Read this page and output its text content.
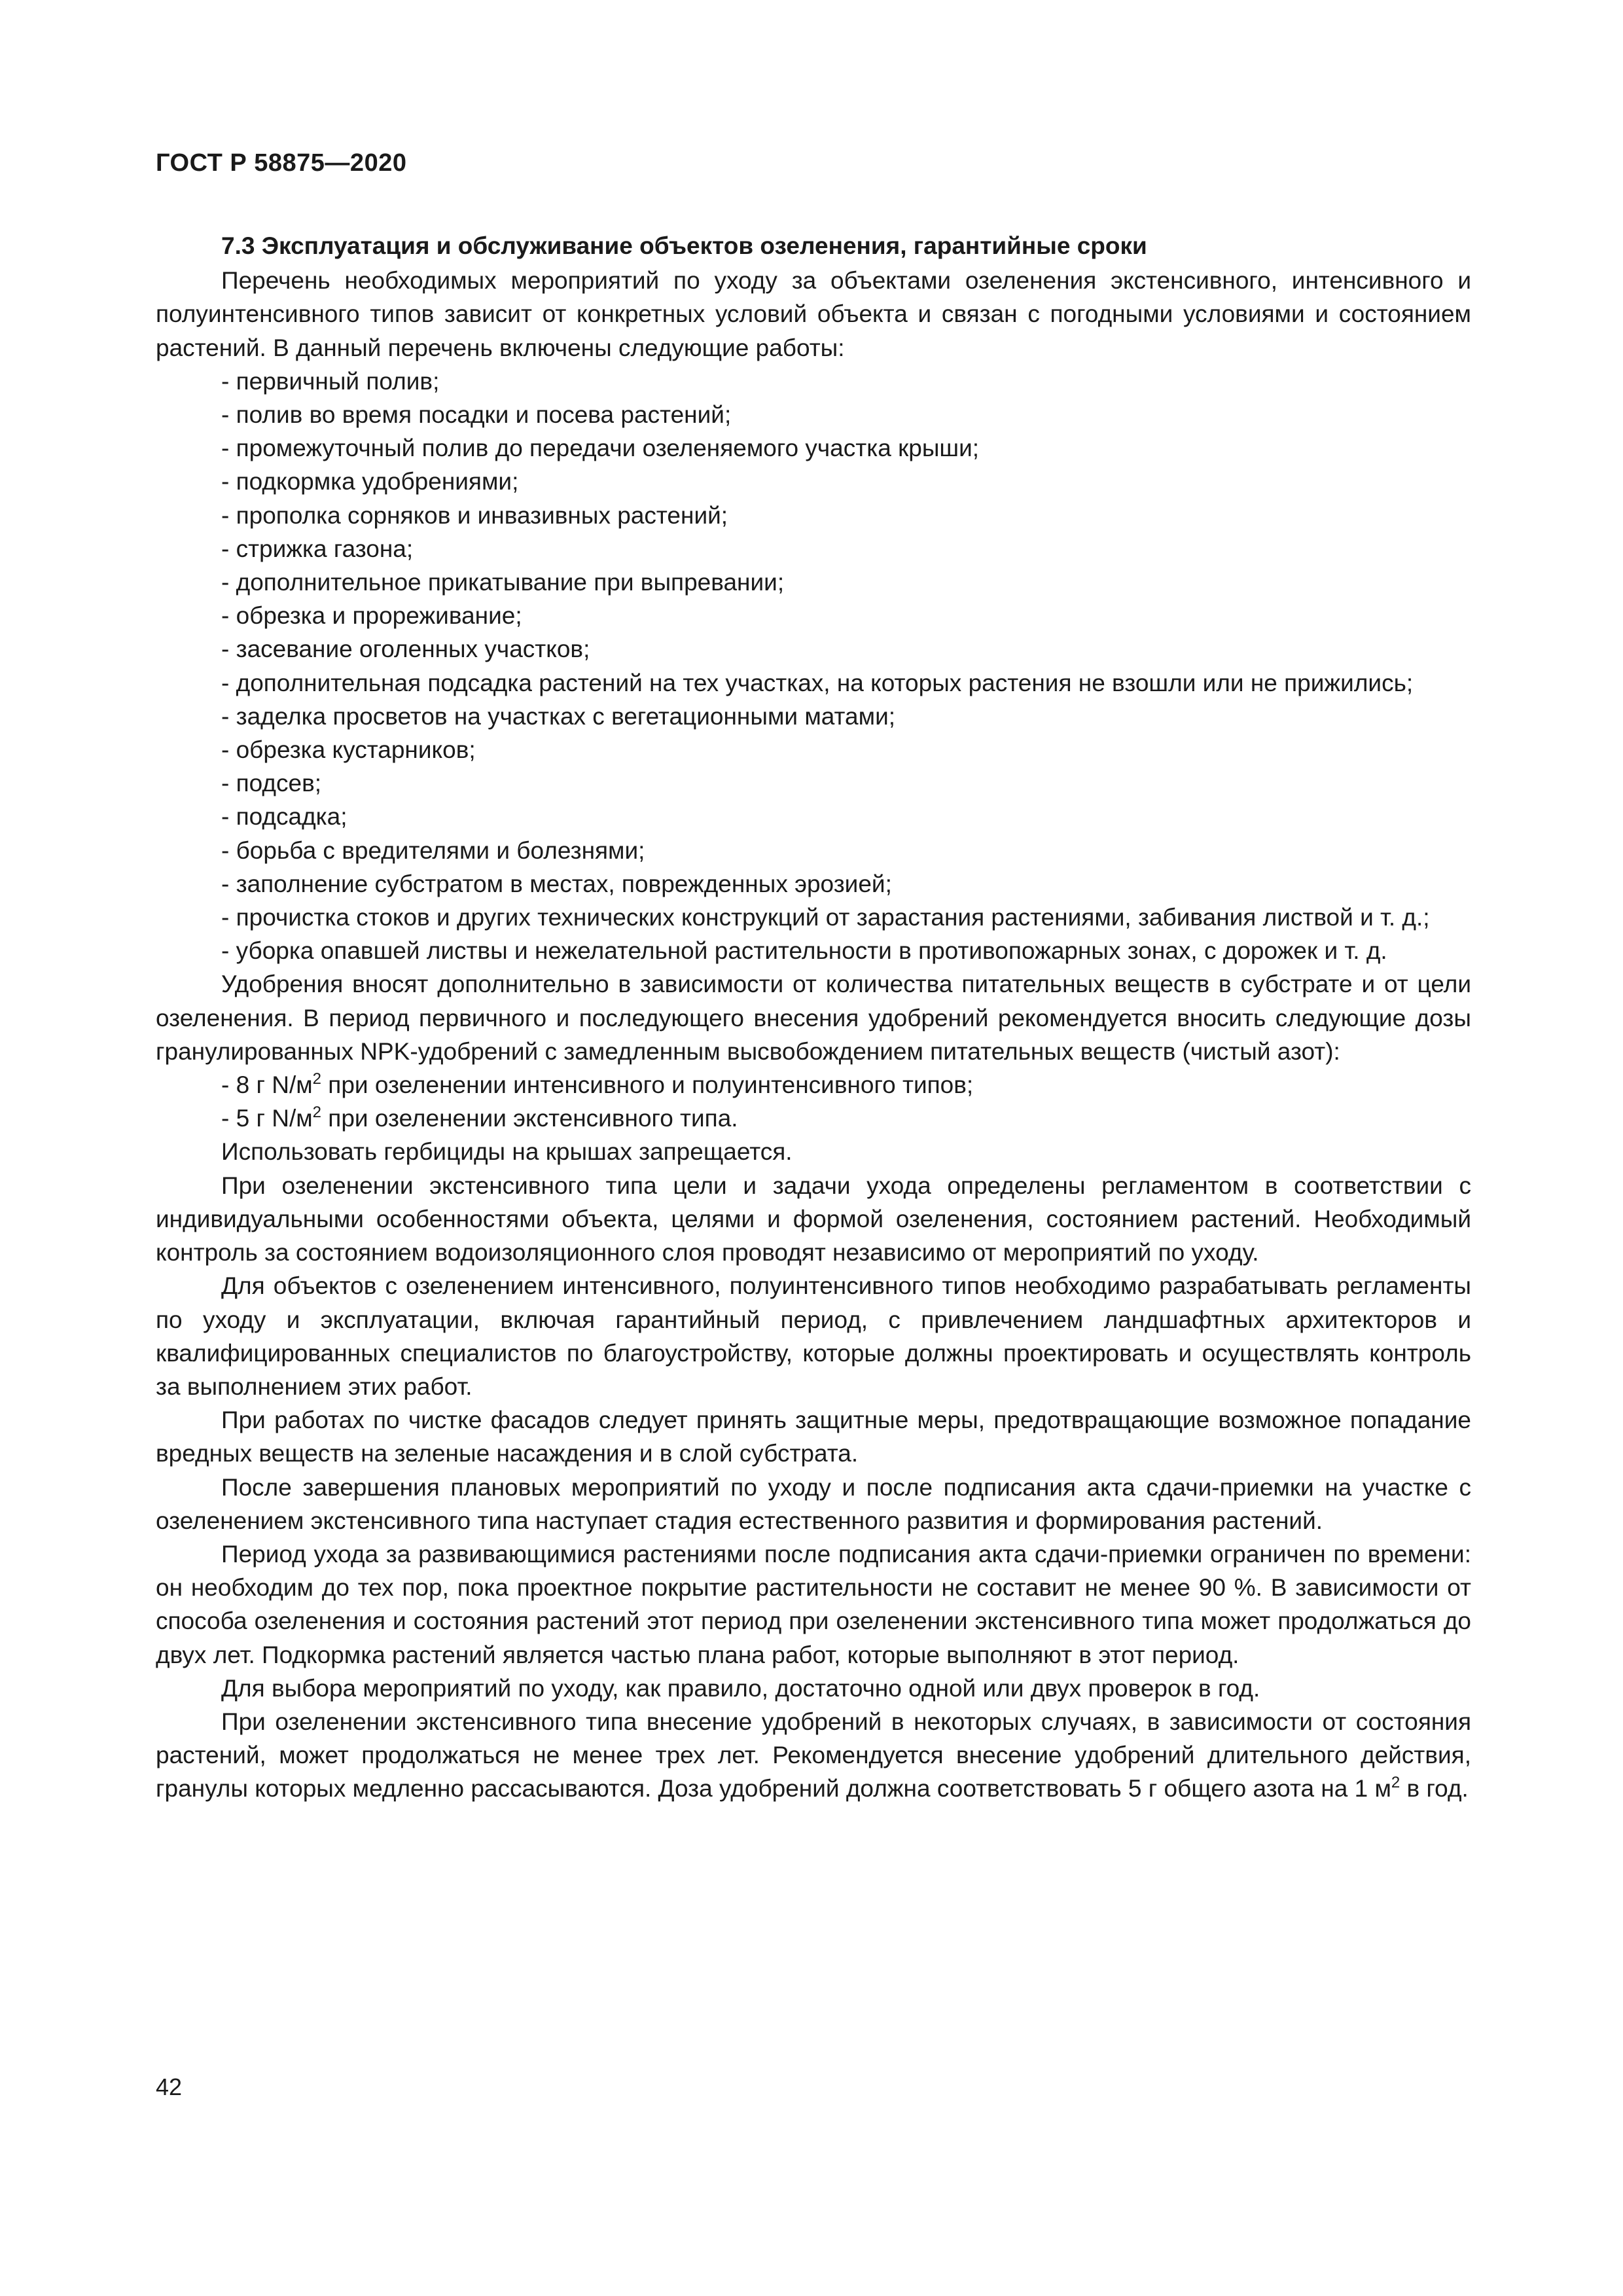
ГОСТ Р 58875—2020
7.3 Эксплуатация и обслуживание объектов озеленения, гарантийные сроки

Перечень необходимых мероприятий по уходу за объектами озеленения экстенсивного, интенсивного и полуинтенсивного типов зависит от конкретных условий объекта и связан с погодными условиями и состоянием растений. В данный перечень включены следующие работы:

- первичный полив;

- полив во время посадки и посева растений;

- промежуточный полив до передачи озеленяемого участка крыши;

- подкормка удобрениями;

- прополка сорняков и инвазивных растений;

- стрижка газона;

- дополнительное прикатывание при выпревании;

- обрезка и прореживание;

- засевание оголенных участков;

- дополнительная подсадка растений на тех участках, на которых растения не взошли или не прижились;

- заделка просветов на участках с вегетационными матами;

- обрезка кустарников;

- подсев;

- подсадка;

- борьба с вредителями и болезнями;

- заполнение субстратом в местах, поврежденных эрозией;

- прочистка стоков и других технических конструкций от зарастания растениями, забивания листвой и т. д.;

- уборка опавшей листвы и нежелательной растительности в противопожарных зонах, с дорожек и т. д.

Удобрения вносят дополнительно в зависимости от количества питательных веществ в субстрате и от цели озеленения. В период первичного и последующего внесения удобрений рекомендуется вносить следующие дозы гранулированных NPK-удобрений с замедленным высвобождением питательных веществ (чистый азот):

- 8 г $N/м^2$ при озеленении интенсивного и полуинтенсивного типов;

- 5 г $N/м^2$ при озеленении экстенсивного типа.

Использовать гербициды на крышах запрещается.

При озеленении экстенсивного типа цели и задачи ухода определены регламентом в соответствии с индивидуальными особенностями объекта, целями и формой озеленения, состоянием растений. Необходимый контроль за состоянием водоизоляционного слоя проводят независимо от мероприятий по уходу.

Для объектов с озеленением интенсивного, полуинтенсивного типов необходимо разрабатывать регламенты по уходу и эксплуатации, включая гарантийный период, с привлечением ландшафтных архитекторов и квалифицированных специалистов по благоустройству, которые должны проектировать и осуществлять контроль за выполнением этих работ.

При работах по чистке фасадов следует принять защитные меры, предотвращающие возможное попадание вредных веществ на зеленые насаждения и в слой субстрата.

После завершения плановых мероприятий по уходу и после подписания акта сдачи-приемки на участке с озеленением экстенсивного типа наступает стадия естественного развития и формирования растений.

Период ухода за развивающимися растениями после подписания акта сдачи-приемки ограничен по времени: он необходим до тех пор, пока проектное покрытие растительности не составит не менее 90 %. В зависимости от способа озеленения и состояния растений этот период при озеленении экстенсивного типа может продолжаться до двух лет. Подкормка растений является частью плана работ, которые выполняют в этот период.

Для выбора мероприятий по уходу, как правило, достаточно одной или двух проверок в год.

При озеленении экстенсивного типа внесение удобрений в некоторых случаях, в зависимости от состояния растений, может продолжаться не менее трех лет. Рекомендуется внесение удобрений длительного действия, гранулы которых медленно рассасываются. Доза удобрений должна соответствовать 5 г общего азота на 1 $м^2$ в год.

42
